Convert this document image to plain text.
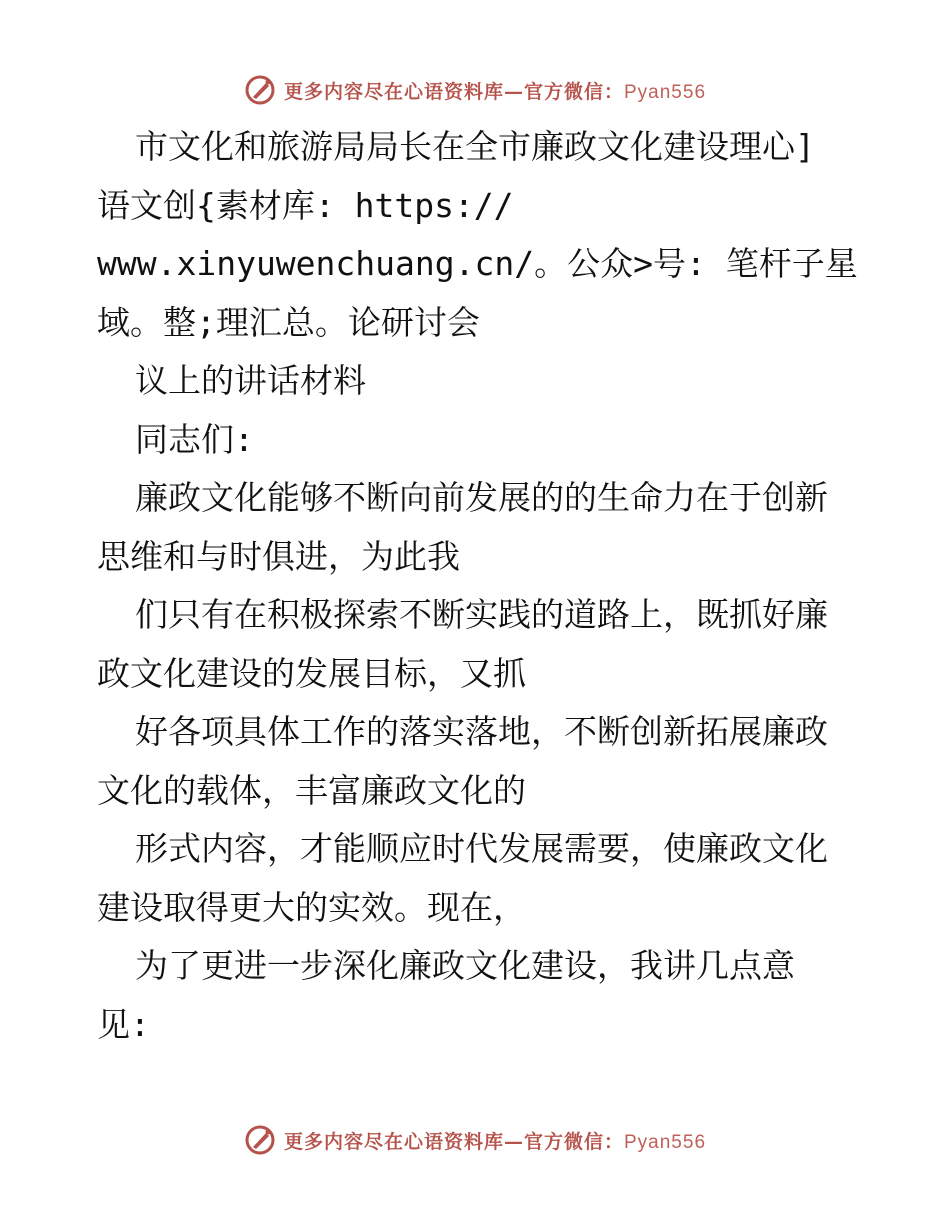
更多内容尽在心语资料库—官方微信：Pyan556
市文化和旅游局局长在全市廉政文化建设理心]
语文创{素材库: https://
www.xinyuwenchuang.cn/。公众>号: 笔杆子星
域。整;理汇总。论研讨会
议上的讲话材料
同志们:
廉政文化能够不断向前发展的的生命力在于创新
思维和与时俱进，为此我
们只有在积极探索不断实践的道路上，既抓好廉
政文化建设的发展目标，又抓
好各项具体工作的落实落地，不断创新拓展廉政
文化的载体，丰富廉政文化的
形式内容，才能顺应时代发展需要，使廉政文化
建设取得更大的实效。现在，
为了更进一步深化廉政文化建设，我讲几点意
见:
更多内容尽在心语资料库—官方微信：Pyan556
